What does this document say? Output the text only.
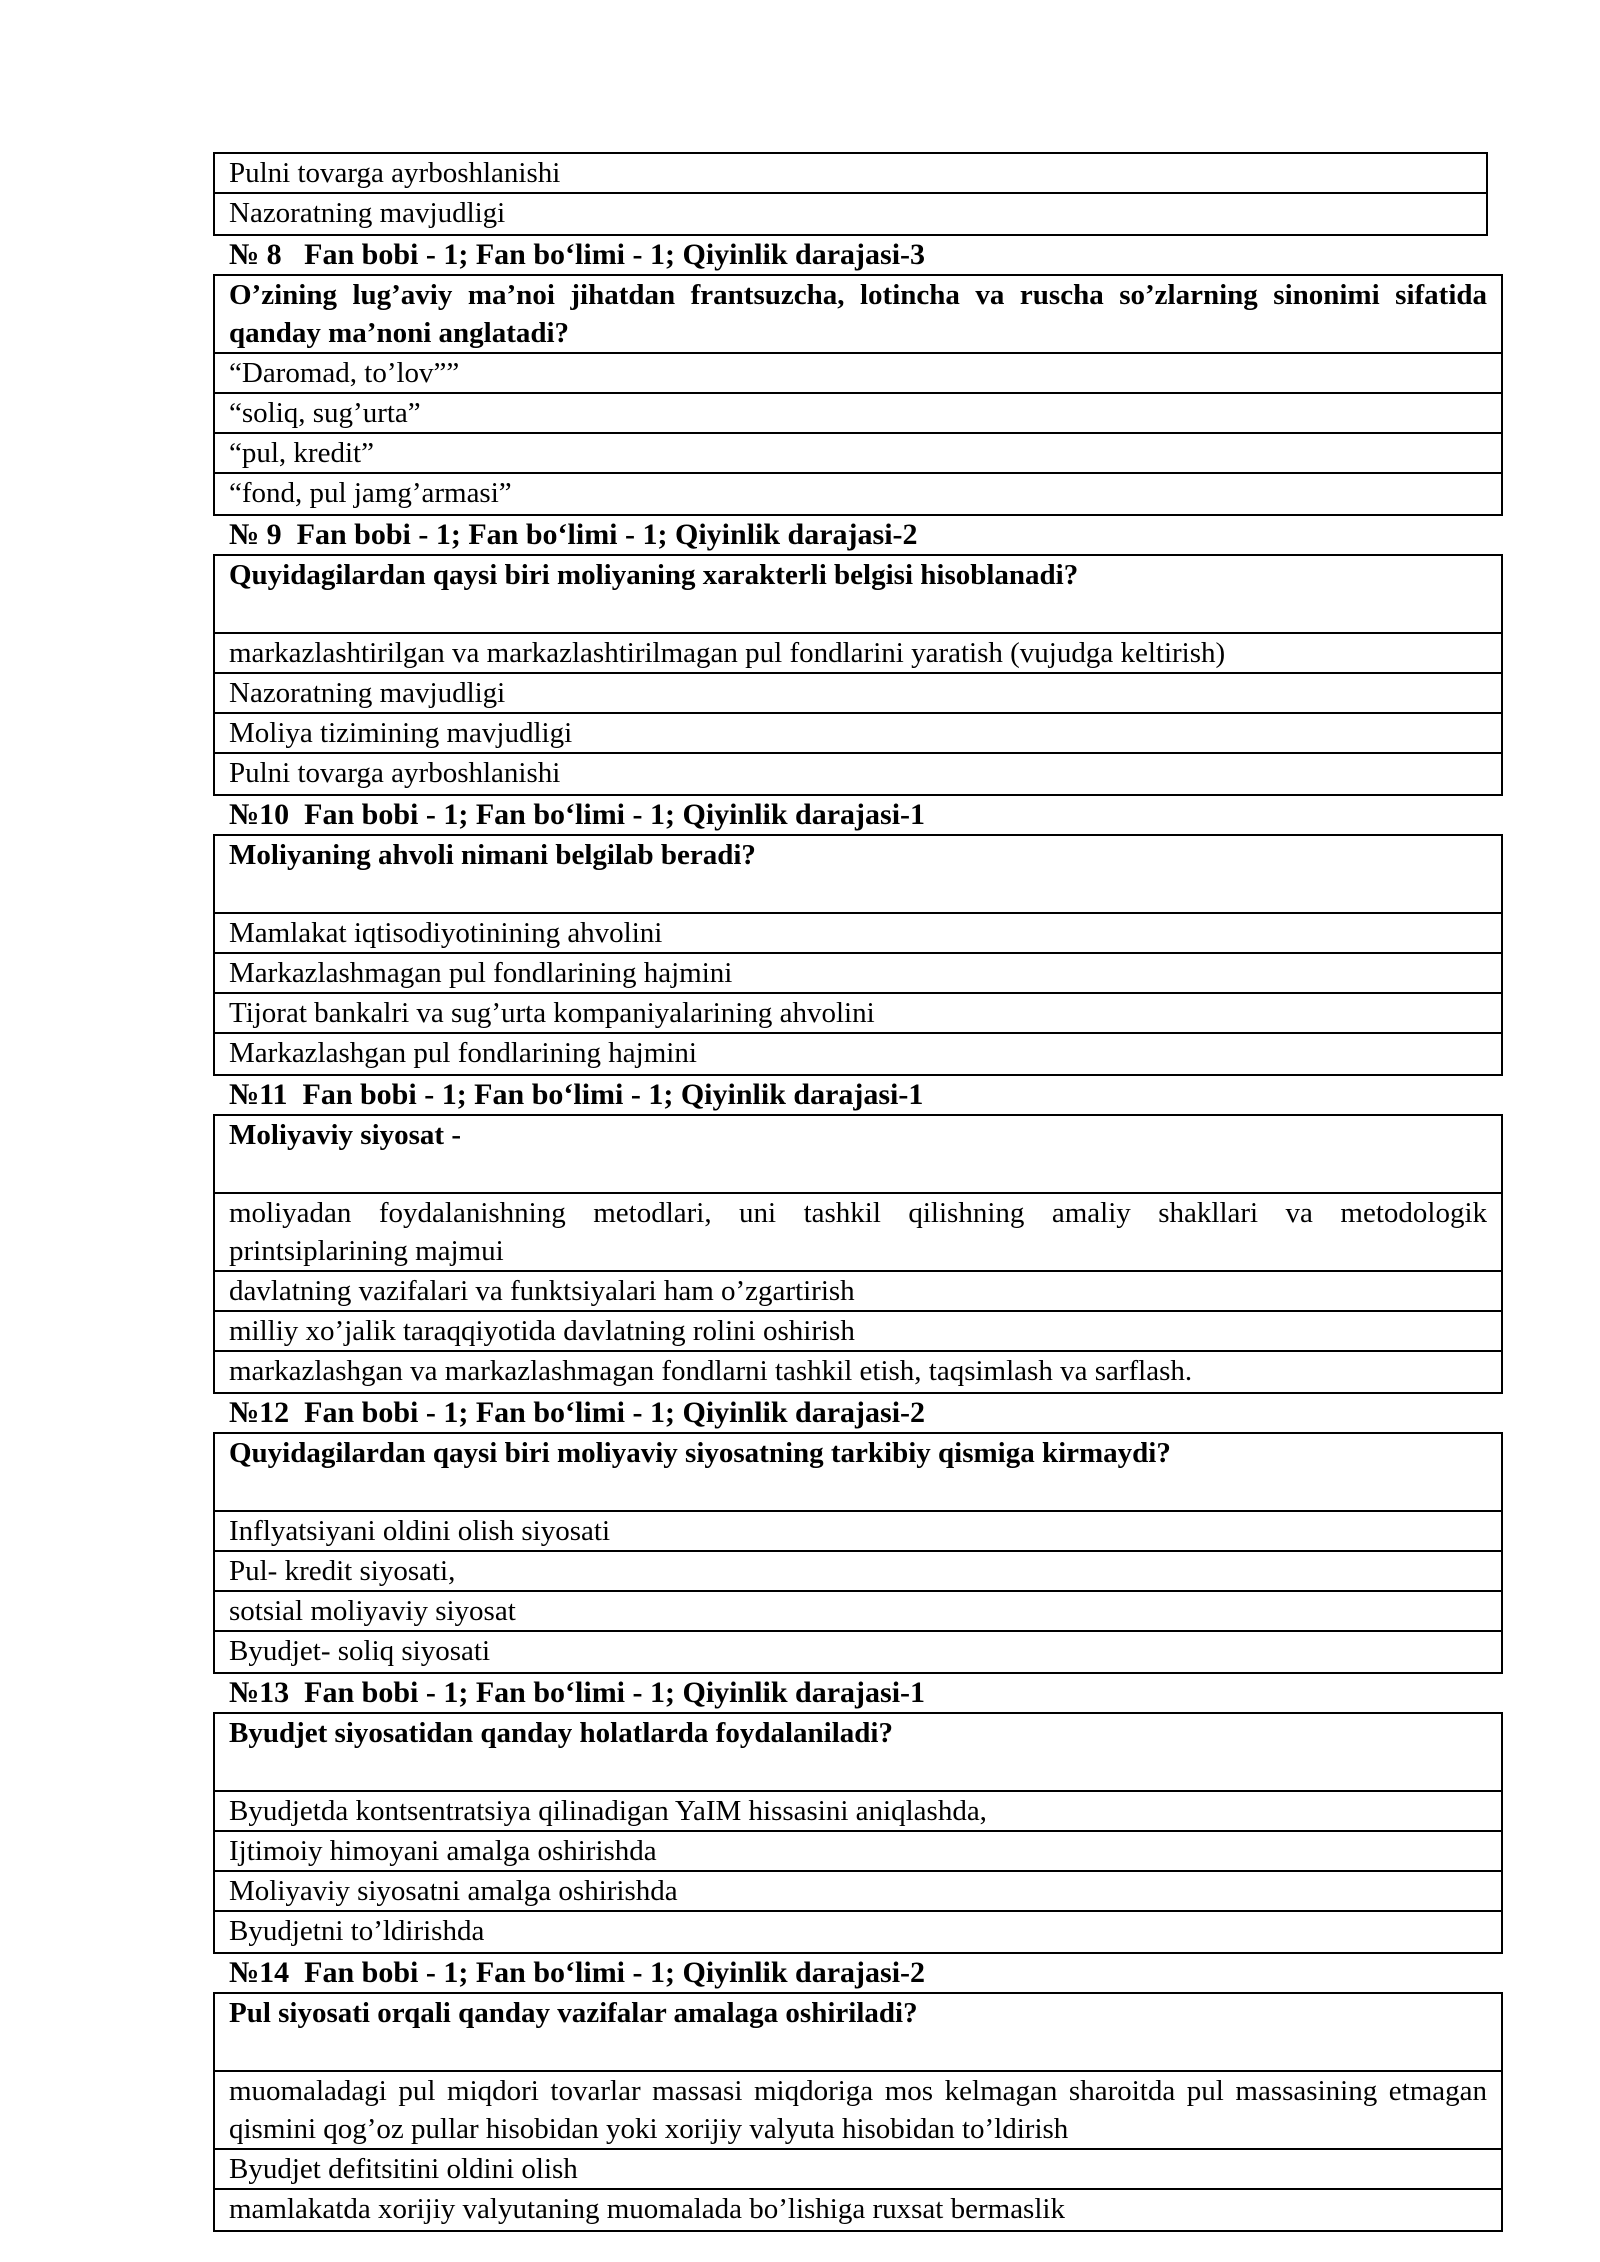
Pulni tovarga ayrboshlanishi
Nazoratning mavjudligi
№ 8   Fan bobi - 1; Fan bo‘limi - 1; Qiyinlik darajasi-3
O’zining lug’aviy ma’noi jihatdan frantsuzcha, lotincha va ruscha so’zlarning sinonimi sifatida qanday ma’noni anglatadi?
“Daromad, to’lov””
“soliq, sug’urta”
“pul, kredit”
“fond, pul jamg’armasi”
№ 9  Fan bobi - 1; Fan bo‘limi - 1; Qiyinlik darajasi-2
Quyidagilardan qaysi biri moliyaning xarakterli belgisi hisoblanadi?
markazlashtirilgan va markazlashtirilmagan pul fondlarini yaratish (vujudga keltirish)
Nazoratning mavjudligi
Moliya tizimining mavjudligi
Pulni tovarga ayrboshlanishi
№10  Fan bobi - 1; Fan bo‘limi - 1; Qiyinlik darajasi-1
Moliyaning ahvoli nimani belgilab beradi?
Mamlakat iqtisodiyotinining ahvolini
Markazlashmagan pul fondlarining hajmini
Tijorat bankalri va sug’urta kompaniyalarining ahvolini
Markazlashgan pul fondlarining hajmini
№11  Fan bobi - 1; Fan bo‘limi - 1; Qiyinlik darajasi-1
Moliyaviy siyosat -
moliyadan foydalanishning metodlari, uni tashkil qilishning amaliy shakllari va metodologik printsiplarining majmui
davlatning vazifalari va funktsiyalari ham o’zgartirish
milliy xo’jalik taraqqiyotida davlatning rolini oshirish
markazlashgan va markazlashmagan fondlarni tashkil etish, taqsimlash va sarflash.
№12  Fan bobi - 1; Fan bo‘limi - 1; Qiyinlik darajasi-2
Quyidagilardan qaysi biri moliyaviy siyosatning tarkibiy qismiga kirmaydi?
Inflyatsiyani oldini olish siyosati
Pul- kredit siyosati,
sotsial moliyaviy siyosat
Byudjet- soliq siyosati
№13  Fan bobi - 1; Fan bo‘limi - 1; Qiyinlik darajasi-1
Byudjet siyosatidan qanday holatlarda foydalaniladi?
Byudjetda kontsentratsiya qilinadigan YaIM hissasini aniqlashda,
Ijtimoiy himoyani amalga oshirishda
Moliyaviy siyosatni amalga oshirishda
Byudjetni to’ldirishda
№14  Fan bobi - 1; Fan bo‘limi - 1; Qiyinlik darajasi-2
Pul siyosati orqali qanday vazifalar amalaga oshiriladi?
muomaladagi pul miqdori tovarlar massasi miqdoriga mos kelmagan sharoitda pul massasining etmagan qismini qog’oz pullar hisobidan yoki xorijiy valyuta hisobidan to’ldirish
Byudjet defitsitini oldini olish
mamlakatda xorijiy valyutaning muomalada bo’lishiga ruxsat bermaslik
